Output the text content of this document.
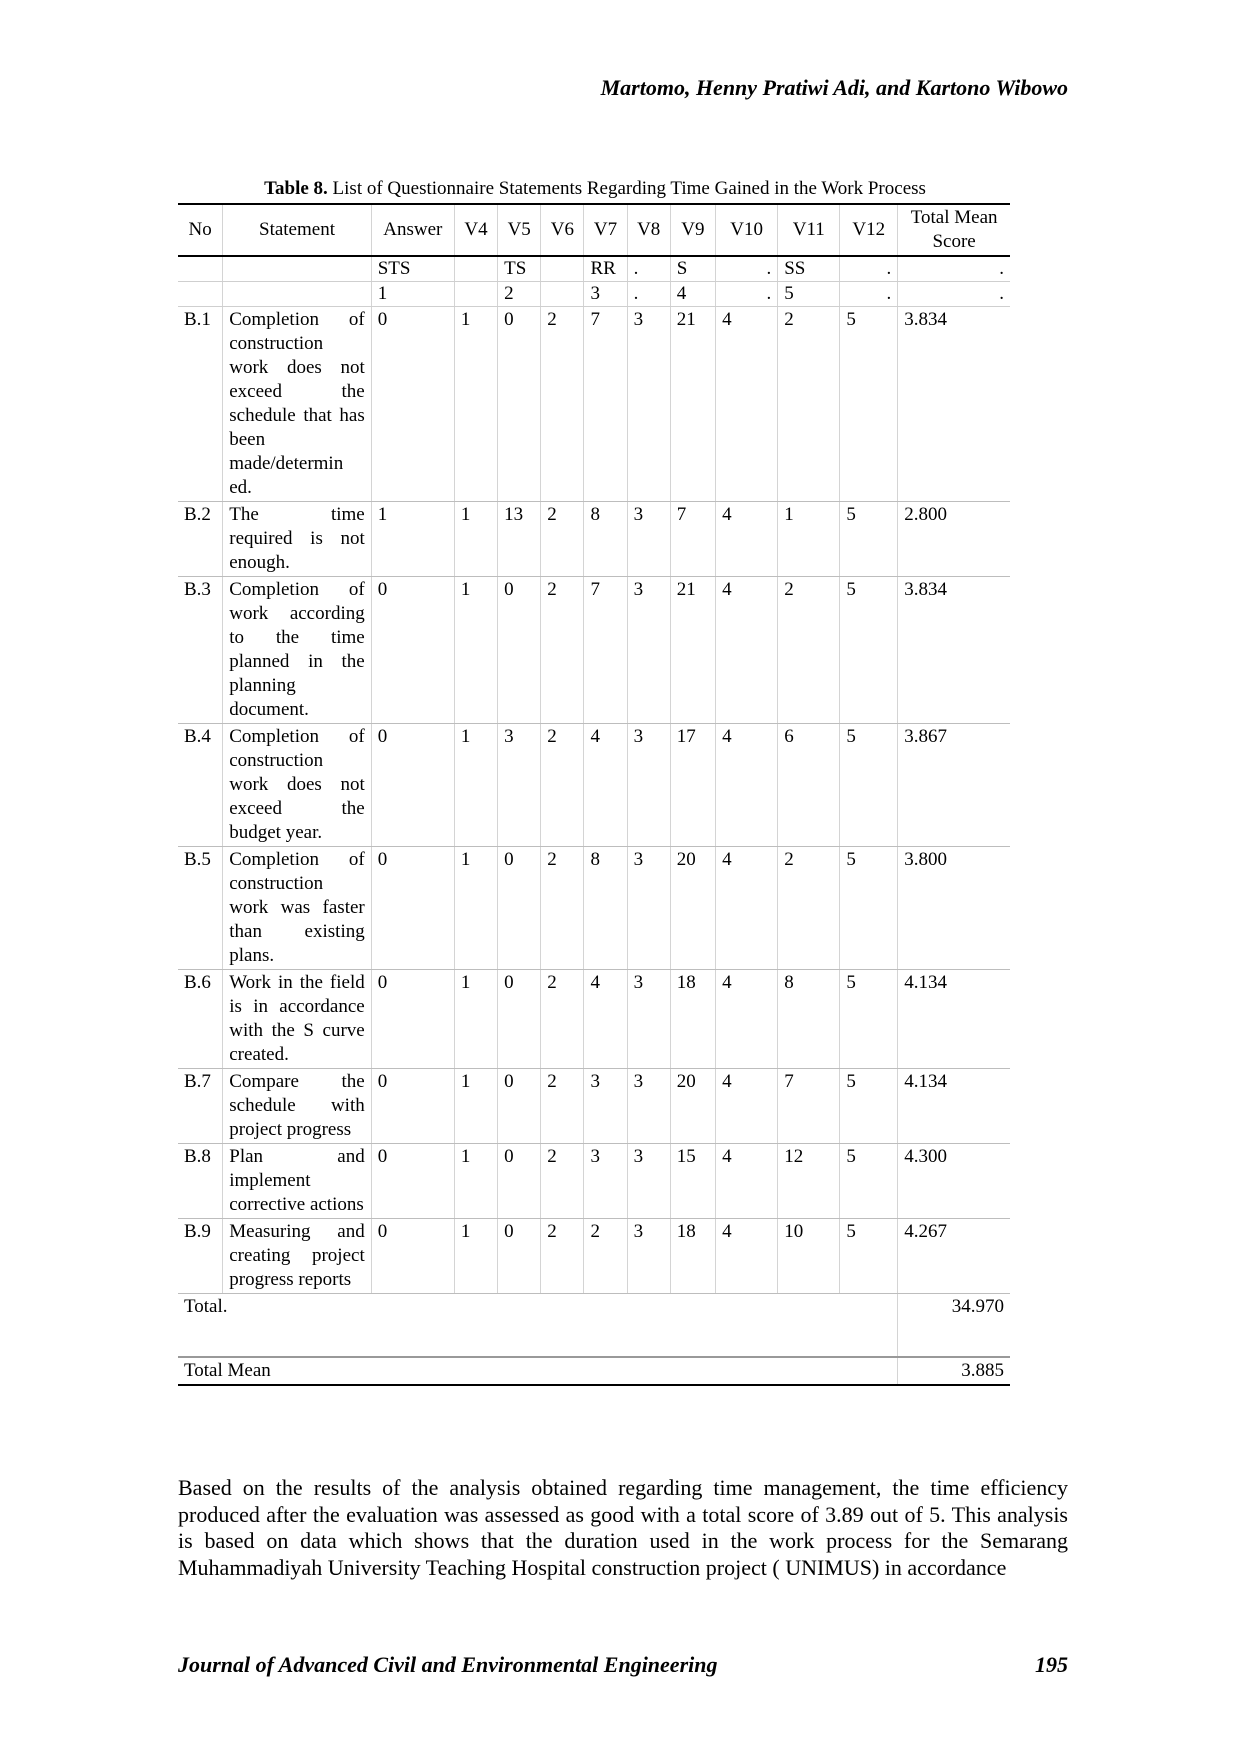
Martomo, Henny Pratiwi Adi, and Kartono Wibowo
Table 8. List of Questionnaire Statements Regarding Time Gained in the Work Process
No	Statement	Answer	V4	V5	V6	V7	V8	V9	V10	V11	V12	Total Mean Score
		STS		TS		RR	.	S	.	SS	.	.
		1		2		3	.	4	.	5	.	.
B.1	Completion of construction work does not exceed the schedule that has been made/determin ed.	0	1	0	2	7	3	21	4	2	5	3.834
B.2	The time required is not enough.	1	1	13	2	8	3	7	4	1	5	2.800
B.3	Completion of work according to the time planned in the planning document.	0	1	0	2	7	3	21	4	2	5	3.834
B.4	Completion of construction work does not exceed the budget year.	0	1	3	2	4	3	17	4	6	5	3.867
B.5	Completion of construction work was faster than existing plans.	0	1	0	2	8	3	20	4	2	5	3.800
B.6	Work in the field is in accordance with the S curve created.	0	1	0	2	4	3	18	4	8	5	4.134
B.7	Compare the schedule with project progress	0	1	0	2	3	3	20	4	7	5	4.134
B.8	Plan and implement corrective actions	0	1	0	2	3	3	15	4	12	5	4.300
B.9	Measuring and creating project progress reports	0	1	0	2	2	3	18	4	10	5	4.267
Total.												34.970
Total Mean												3.885
Based on the results of the analysis obtained regarding time management, the time efficiency produced after the evaluation was assessed as good with a total score of 3.89 out of 5. This analysis is based on data which shows that the duration used in the work process for the Semarang Muhammadiyah University Teaching Hospital construction project ( UNIMUS) in accordance
Journal of Advanced Civil and Environmental Engineering	195
